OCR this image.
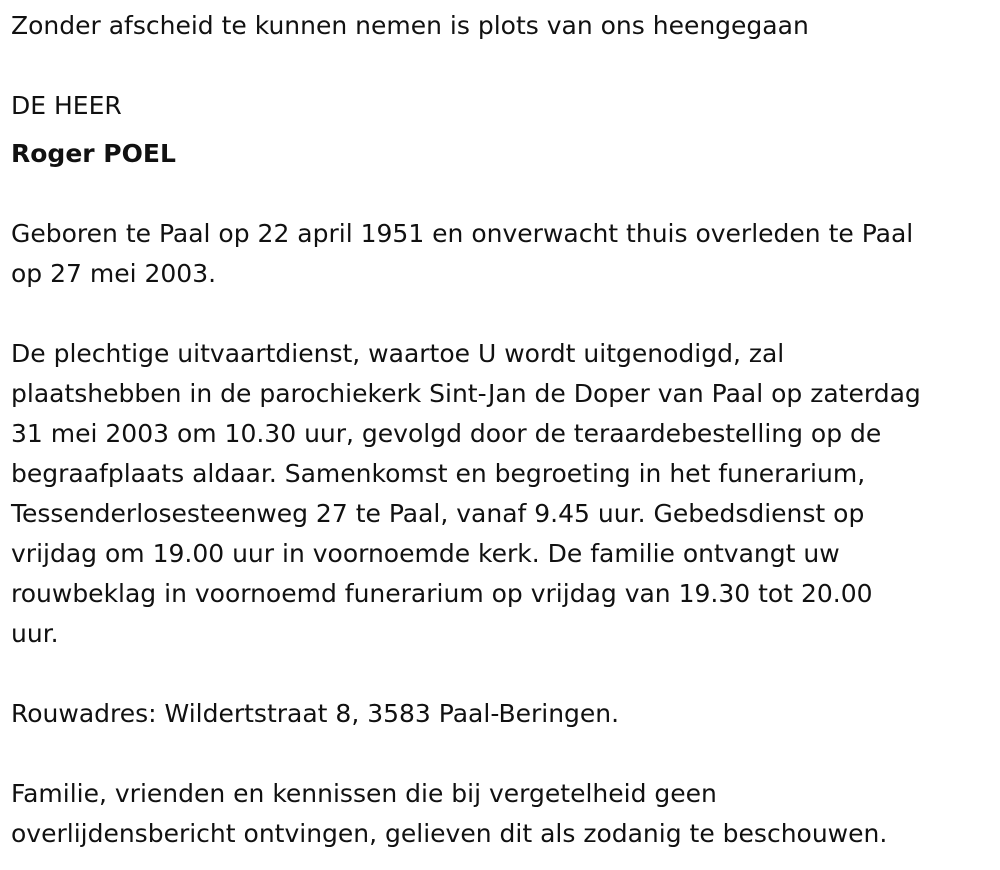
Zonder afscheid te kunnen nemen is plots van ons heengegaan

DE HEER

Roger POEL

Geboren te Paal op 22 april 1951 en onverwacht thuis overleden te Paal

op 27 mei 2003.

De plechtige uitvaartdienst, waartoe U wordt uitgenodigd, zal

plaatshebben in de parochiekerk Sint-Jan de Doper van Paal op zaterdag

31 mei 2003 om 10.30 uur, gevolgd door de teraardebestelling op de

begraafplaats aldaar. Samenkomst en begroeting in het funerarium,

Tessenderlosesteenweg 27 te Paal, vanaf 9.45 uur. Gebedsdienst op

vrijdag om 19.00 uur in voornoemde kerk. De familie ontvangt uw

rouwbeklag in voornoemd funerarium op vrijdag van 19.30 tot 20.00

uur.

Rouwadres: Wildertstraat 8, 3583 Paal-Beringen.

Familie, vrienden en kennissen die bij vergetelheid geen

overlijdensbericht ontvingen, gelieven dit als zodanig te beschouwen.
